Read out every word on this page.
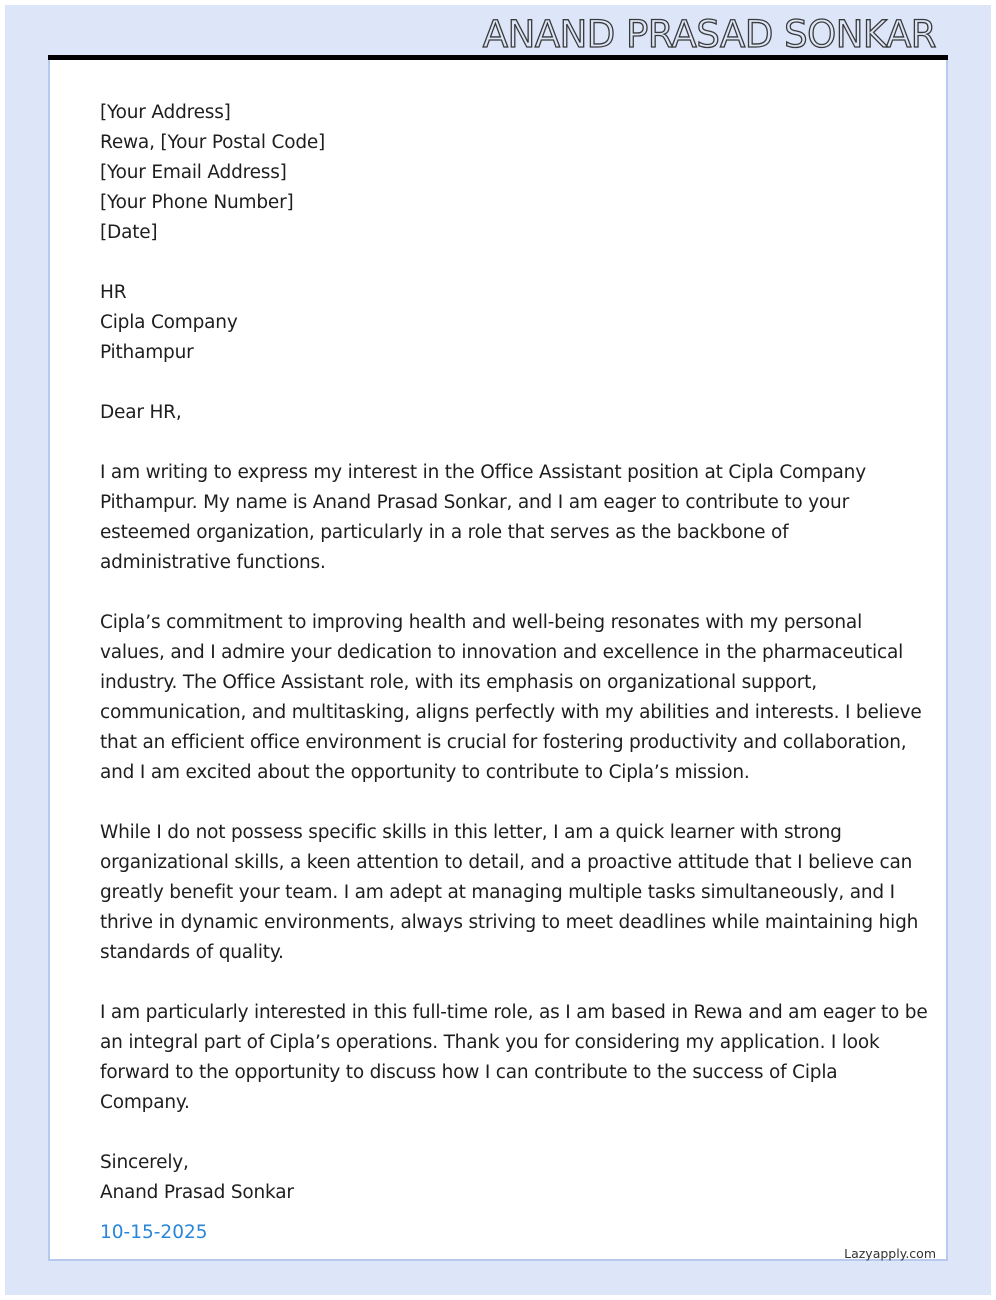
ANAND PRASAD SONKAR
[Your Address]
Rewa, [Your Postal Code]
[Your Email Address]
[Your Phone Number]
[Date]
HR
Cipla Company
Pithampur
Dear HR,
I am writing to express my interest in the Office Assistant position at Cipla Company
Pithampur. My name is Anand Prasad Sonkar, and I am eager to contribute to your
esteemed organization, particularly in a role that serves as the backbone of
administrative functions.
Cipla’s commitment to improving health and well-being resonates with my personal
values, and I admire your dedication to innovation and excellence in the pharmaceutical
industry. The Office Assistant role, with its emphasis on organizational support,
communication, and multitasking, aligns perfectly with my abilities and interests. I believe
that an efficient office environment is crucial for fostering productivity and collaboration,
and I am excited about the opportunity to contribute to Cipla’s mission.
While I do not possess specific skills in this letter, I am a quick learner with strong
organizational skills, a keen attention to detail, and a proactive attitude that I believe can
greatly benefit your team. I am adept at managing multiple tasks simultaneously, and I
thrive in dynamic environments, always striving to meet deadlines while maintaining high
standards of quality.
I am particularly interested in this full-time role, as I am based in Rewa and am eager to be
an integral part of Cipla’s operations. Thank you for considering my application. I look
forward to the opportunity to discuss how I can contribute to the success of Cipla
Company.
Sincerely,
Anand Prasad Sonkar
10-15-2025
Lazyapply.com
